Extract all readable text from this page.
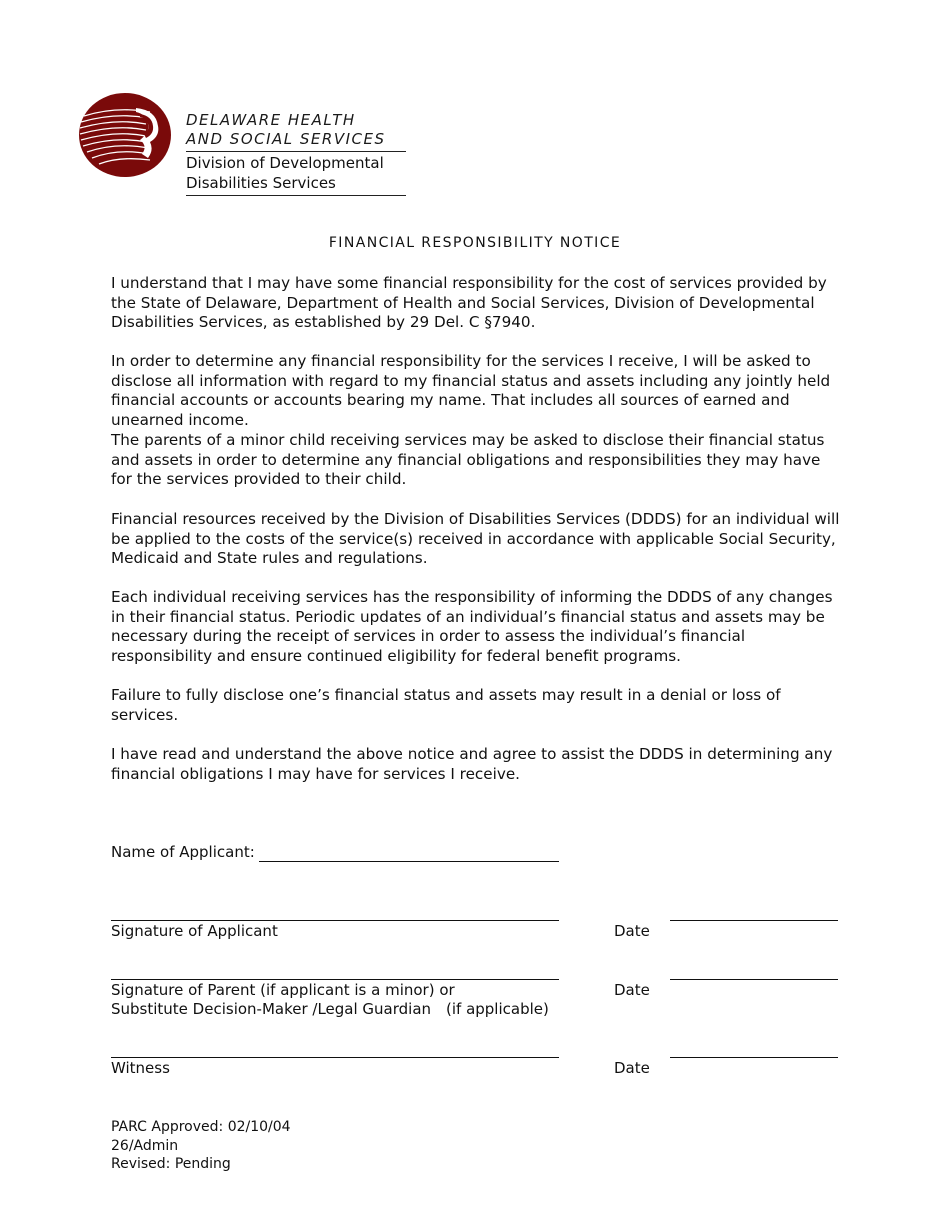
DELAWARE HEALTH
AND SOCIAL SERVICES
Division of Developmental
Disabilities Services
FINANCIAL RESPONSIBILITY NOTICE
I understand that I may have some financial responsibility for the cost of services provided by the State of Delaware, Department of Health and Social Services, Division of Developmental Disabilities Services, as established by 29 Del. C §7940.
In order to determine any financial responsibility for the services I receive, I will be asked to disclose all information with regard to my financial status and assets including any jointly held financial accounts or accounts bearing my name. That includes all sources of earned and unearned income.
The parents of a minor child receiving services may be asked to disclose their financial status and assets in order to determine any financial obligations and responsibilities they may have for the services provided to their child.
Financial resources received by the Division of Disabilities Services (DDDS) for an individual will be applied to the costs of the service(s) received in accordance with applicable Social Security, Medicaid and State rules and regulations.
Each individual receiving services has the responsibility of informing the DDDS of any changes in their financial status. Periodic updates of an individual’s financial status and assets may be necessary during the receipt of services in order to assess the individual’s financial responsibility and ensure continued eligibility for federal benefit programs.
Failure to fully disclose one’s financial status and assets may result in a denial or loss of services.
I have read and understand the above notice and agree to assist the DDDS in determining any financial obligations I may have for services I receive.
Name of Applicant:
Signature of Applicant	Date
Signature of Parent (if applicant is a minor) or
Substitute Decision-Maker /Legal Guardian (if applicable)
Date
Witness	Date
PARC Approved: 02/10/04
26/Admin
Revised: Pending
